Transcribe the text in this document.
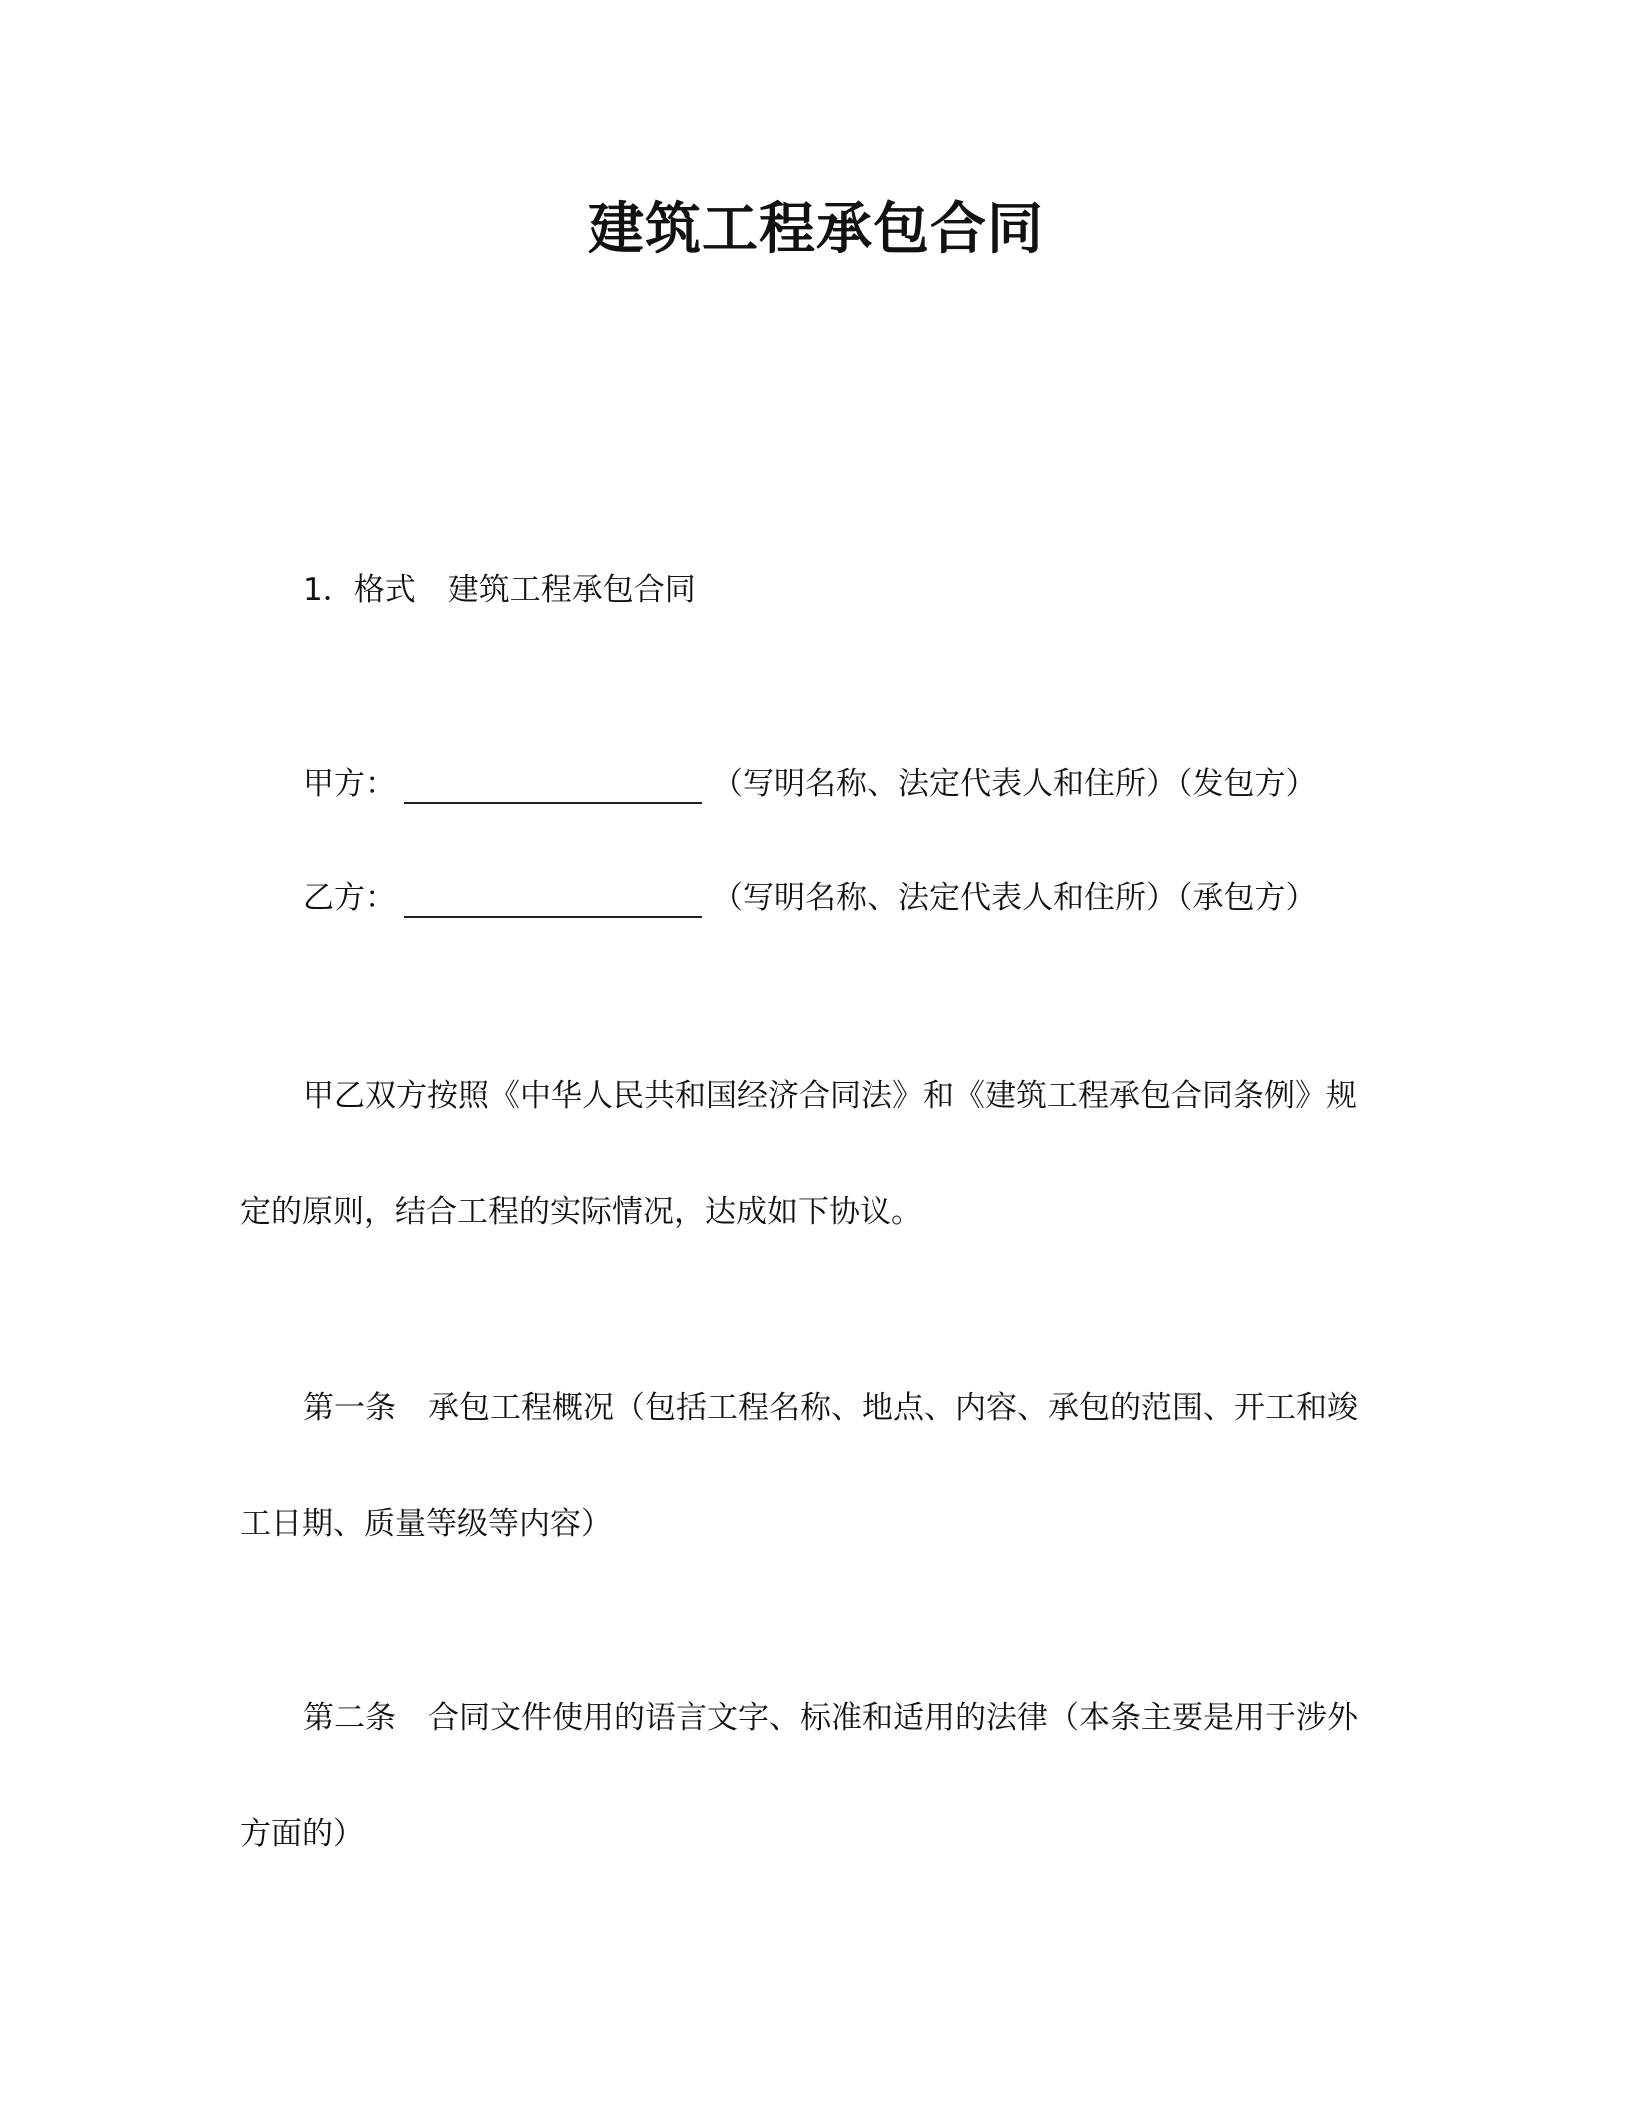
建筑工程承包合同
1．格式 建筑工程承包合同
甲方：	（写明名称、法定代表人和住所）（发包方）
乙方：	（写明名称、法定代表人和住所）（承包方）
甲乙双方按照《中华人民共和国经济合同法》和《建筑工程承包合同条例》规
定的原则，结合工程的实际情况，达成如下协议。
第一条 承包工程概况（包括工程名称、地点、内容、承包的范围、开工和竣
工日期、质量等级等内容）
第二条 合同文件使用的语言文字、标准和适用的法律（本条主要是用于涉外
方面的）
